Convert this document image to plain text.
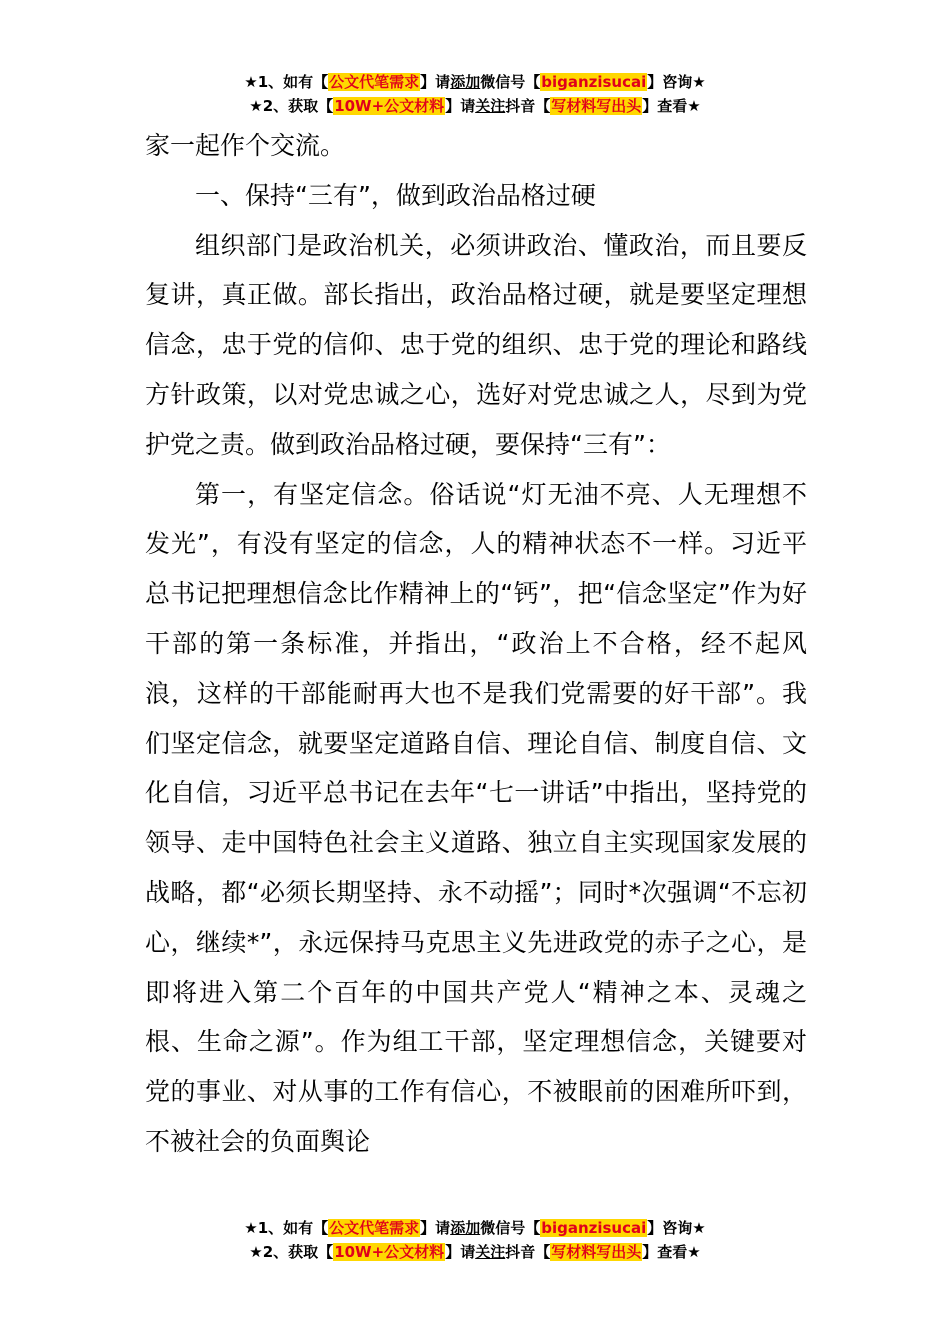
★1、如有【公文代笔需求】请添加微信号【biganzisucai】咨询★
★2、获取【10W+公文材料】请关注抖音【写材料写出头】查看★

家一起作个交流。

一、保持“三有”，做到政治品格过硬

组织部门是政治机关，必须讲政治、懂政治，而且要反复讲，真正做。部长指出，政治品格过硬，就是要坚定理想信念，忠于党的信仰、忠于党的组织、忠于党的理论和路线方针政策，以对党忠诚之心，选好对党忠诚之人，尽到为党护党之责。做到政治品格过硬，要保持“三有”：

第一，有坚定信念。俗话说“灯无油不亮、人无理想不发光”，有没有坚定的信念，人的精神状态不一样。习近平总书记把理想信念比作精神上的“钙”，把“信念坚定”作为好干部的第一条标准，并指出，“政治上不合格，经不起风浪，这样的干部能耐再大也不是我们党需要的好干部”。我们坚定信念，就要坚定道路自信、理论自信、制度自信、文化自信，习近平总书记在去年“七一讲话”中指出，坚持党的领导、走中国特色社会主义道路、独立自主实现国家发展的战略，都“必须长期坚持、永不动摇”；同时*次强调“不忘初心，继续*”，永远保持马克思主义先进政党的赤子之心，是即将进入第二个百年的中国共产党人“精神之本、灵魂之根、生命之源”。作为组工干部，坚定理想信念，关键要对党的事业、对从事的工作有信心，不被眼前的困难所吓到，不被社会的负面舆论

★1、如有【公文代笔需求】请添加微信号【biganzisucai】咨询★
★2、获取【10W+公文材料】请关注抖音【写材料写出头】查看★
